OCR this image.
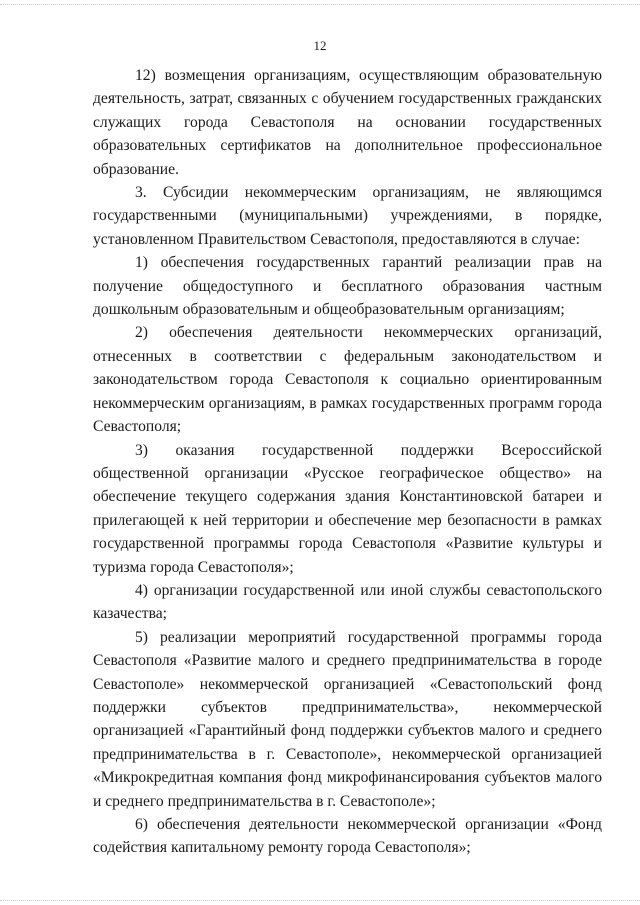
12

12) возмещения организациям, осуществляющим образовательную деятельность, затрат, связанных с обучением государственных гражданских служащих города Севастополя на основании государственных образовательных сертификатов на дополнительное профессиональное образование.

3. Субсидии некоммерческим организациям, не являющимся государственными (муниципальными) учреждениями, в порядке, установленном Правительством Севастополя, предоставляются в случае:

1) обеспечения государственных гарантий реализации прав на получение общедоступного и бесплатного образования частным дошкольным образовательным и общеобразовательным организациям;

2) обеспечения деятельности некоммерческих организаций, отнесенных в соответствии с федеральным законодательством и законодательством города Севастополя к социально ориентированным некоммерческим организациям, в рамках государственных программ города Севастополя;

3) оказания государственной поддержки Всероссийской общественной организации «Русское географическое общество» на обеспечение текущего содержания здания Константиновской батареи и прилегающей к ней территории и обеспечение мер безопасности в рамках государственной программы города Севастополя «Развитие культуры и туризма города Севастополя»;

4) организации государственной или иной службы севастопольского казачества;

5) реализации мероприятий государственной программы города Севастополя «Развитие малого и среднего предпринимательства в городе Севастополе» некоммерческой организацией «Севастопольский фонд поддержки субъектов предпринимательства», некоммерческой организацией «Гарантийный фонд поддержки субъектов малого и среднего предпринимательства в г. Севастополе», некоммерческой организацией «Микрокредитная компания фонд микрофинансирования субъектов малого и среднего предпринимательства в г. Севастополе»;

6) обеспечения деятельности некоммерческой организации «Фонд содействия капитальному ремонту города Севастополя»;
